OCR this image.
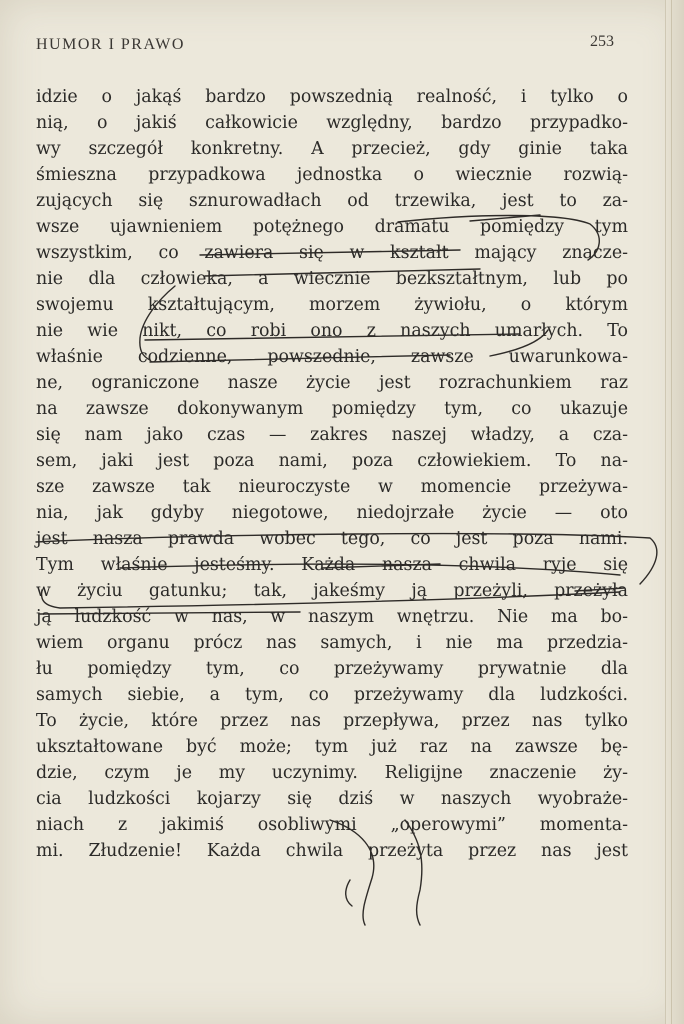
HUMOR I PRAWO	253
idzie o jakąś bardzo powszednią realność, i tylko o
nią, o jakiś całkowicie względny, bardzo przypadko-
wy szczegół konkretny. A przecież, gdy ginie taka
śmieszna przypadkowa jednostka o wiecznie rozwią-
zujących się sznurowadłach od trzewika, jest to za-
wsze ujawnieniem potężnego dramatu pomiędzy tym
wszystkim, co zawiera się w kształt mający znacze-
nie dla człowieka, a wiecznie bezkształtnym, lub po
swojemu kształtującym, morzem żywiołu, o którym
nie wie nikt, co robi ono z naszych umarłych. To
właśnie codzienne, powszednie, zawsze uwarunkowa-
ne, ograniczone nasze życie jest rozrachunkiem raz
na zawsze dokonywanym pomiędzy tym, co ukazuje
się nam jako czas — zakres naszej władzy, a cza-
sem, jaki jest poza nami, poza człowiekiem. To na-
sze zawsze tak nieuroczyste w momencie przeżywa-
nia, jak gdyby niegotowe, niedojrzałe życie — oto
jest nasza prawda wobec tego, co jest poza nami.
Tym właśnie jesteśmy. Każda nasza chwila ryje się
w życiu gatunku; tak, jakeśmy ją przeżyli, przeżyła
ją ludzkość w nas, w naszym wnętrzu. Nie ma bo-
wiem organu prócz nas samych, i nie ma przedzia-
łu pomiędzy tym, co przeżywamy prywatnie dla
samych siebie, a tym, co przeżywamy dla ludzkości.
To życie, które przez nas przepływa, przez nas tylko
ukształtowane być może; tym już raz na zawsze bę-
dzie, czym je my uczynimy. Religijne znaczenie ży-
cia ludzkości kojarzy się dziś w naszych wyobraże-
niach z jakimiś osobliwymi „operowymi” momenta-
mi. Złudzenie! Każda chwila przeżyta przez nas jest
